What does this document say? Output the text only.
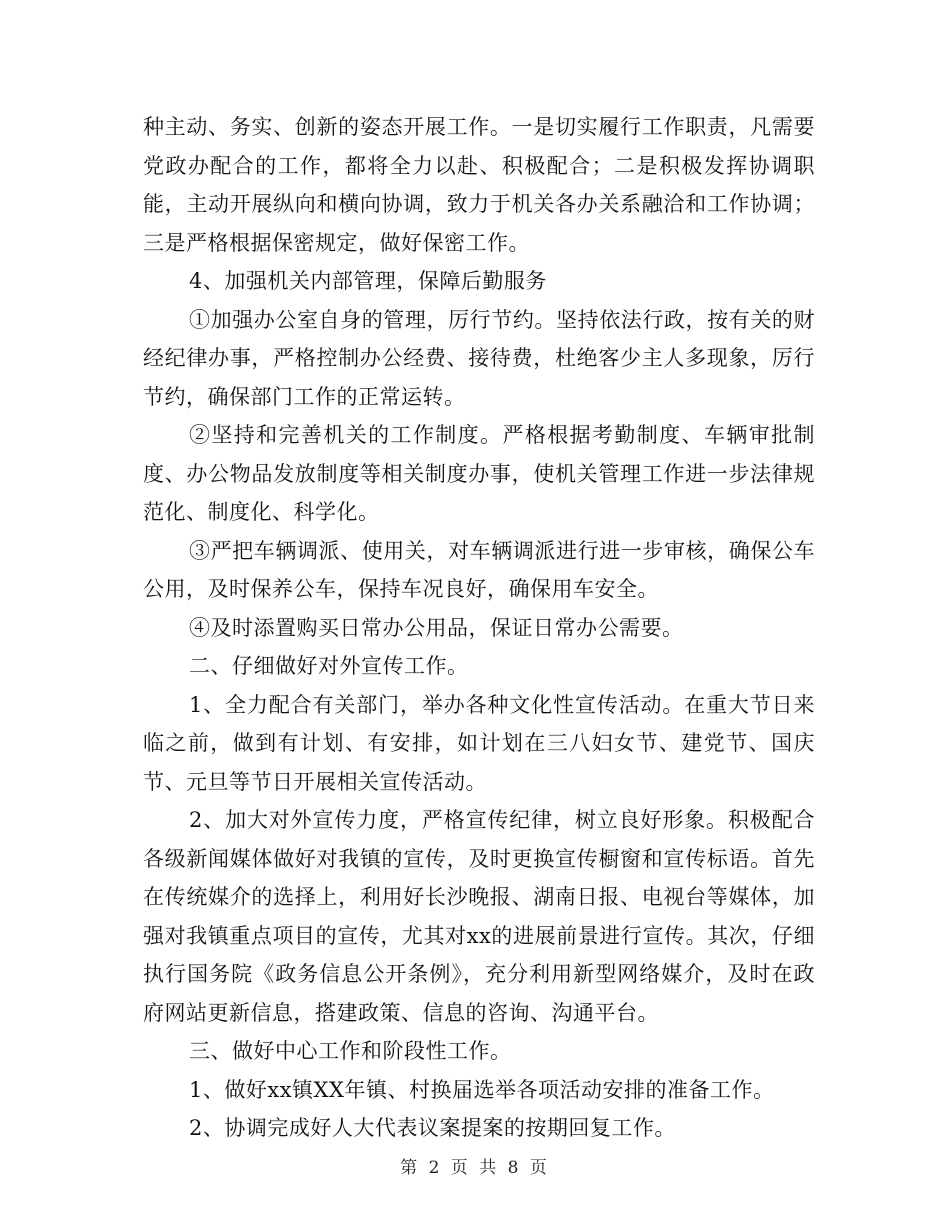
种主动、务实、创新的姿态开展工作。一是切实履行工作职责，凡需要党政办配合的工作，都将全力以赴、积极配合；二是积极发挥协调职能，主动开展纵向和横向协调，致力于机关各办关系融洽和工作协调；三是严格根据保密规定，做好保密工作。

4、加强机关内部管理，保障后勤服务

①加强办公室自身的管理，厉行节约。坚持依法行政，按有关的财经纪律办事，严格控制办公经费、接待费，杜绝客少主人多现象，厉行节约，确保部门工作的正常运转。

②坚持和完善机关的工作制度。严格根据考勤制度、车辆审批制度、办公物品发放制度等相关制度办事，使机关管理工作进一步法律规范化、制度化、科学化。

③严把车辆调派、使用关，对车辆调派进行进一步审核，确保公车公用，及时保养公车，保持车况良好，确保用车安全。

④及时添置购买日常办公用品，保证日常办公需要。

二、仔细做好对外宣传工作。

1、全力配合有关部门，举办各种文化性宣传活动。在重大节日来临之前，做到有计划、有安排，如计划在三八妇女节、建党节、国庆节、元旦等节日开展相关宣传活动。

2、加大对外宣传力度，严格宣传纪律，树立良好形象。积极配合各级新闻媒体做好对我镇的宣传，及时更换宣传橱窗和宣传标语。首先在传统媒介的选择上，利用好长沙晚报、湖南日报、电视台等媒体，加强对我镇重点项目的宣传，尤其对xx的进展前景进行宣传。其次，仔细执行国务院《政务信息公开条例》，充分利用新型网络媒介，及时在政府网站更新信息，搭建政策、信息的咨询、沟通平台。

三、做好中心工作和阶段性工作。

1、做好xx镇XX年镇、村换届选举各项活动安排的准备工作。

2、协调完成好人大代表议案提案的按期回复工作。

第 2 页 共 8 页
